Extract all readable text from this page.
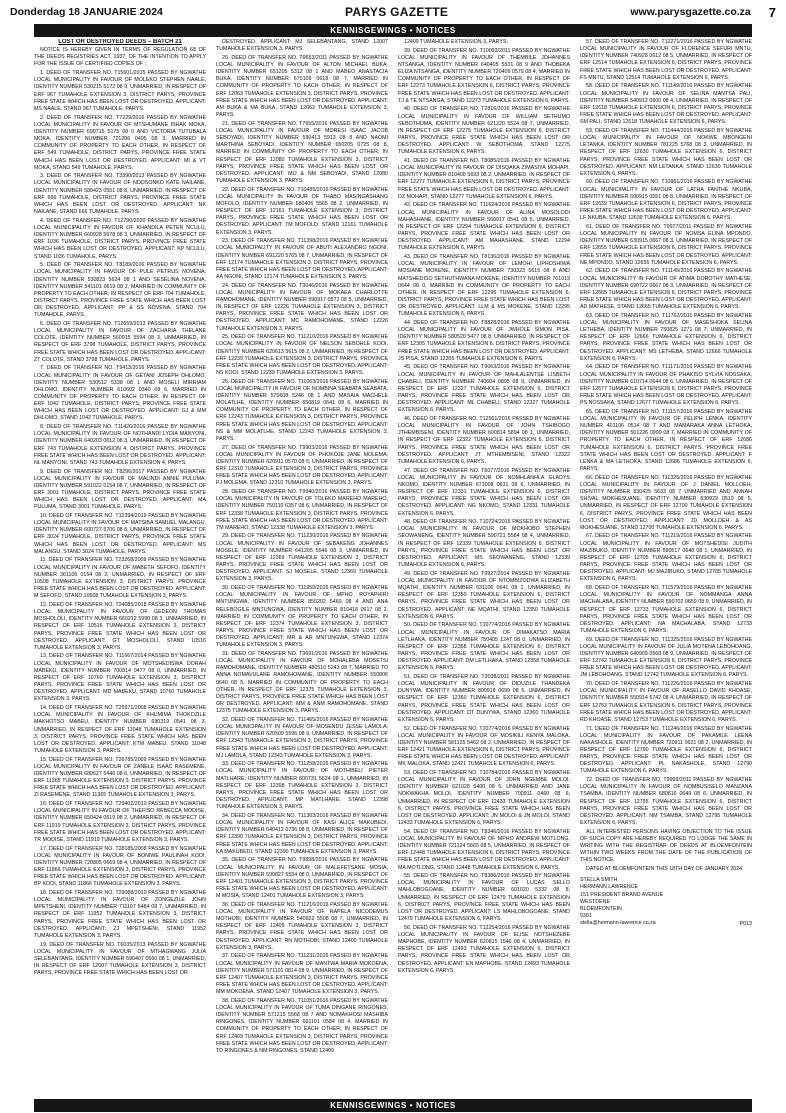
Donderdag 18 JANUARIE 2024	PARYS GAZETTE	www.parysgazette.co.za 7
KENNISGEWINGS • NOTICES
LOST OR DESTROYED DEEDS – BATCH 21

NOTICE IS HEREBY GIVEN IN TERMS OF REGULATION 68 OF THE DEEDS REGISTRIES ACT, 1937, OF THE INTENTION TO APPLY FOR THE ISSUE OF CERTIFIED COPIES OF :

1. DEED OF TRANSFER NO. T15601/2015 PASSED BY NGWATHE LOCAL MUNICIPALITY IN FAVOUR OF MOLEKO STEPHEN NAALE, IDENTITY NUMBER 530215 5172 08 9, UNMARRIED, IN RESPECT OF ERF 967 TUMAHOLE EXTENSION 3, DISTRICT PARYS, PROVINCE FREE STATE WHICH HAS BEEN LOST OR DESTROYED. APPLICANT: MS NAALE, STAND 967 TUMAHOLE, PARYS.

2. DEED OF TRANSFER NO. T7229/2016 PASSED BY NGWATHE LOCAL MUNICIPALITY IN FAVOUR OF MTSHUMANE ISHAK MOKA, IDENTITY NUMBER 690715 5175 08 0 AND VICTORIA TUTUBALA MOKA, IDENTITY NUMBER 721206 0495 08 3, MARRIED IN COMMUNITY OF PROPERTY TO EACH OTHER, IN RESPECT OF ERF 549 TUMAHOLE, DISTRICT PARYS, PROVINCE FREE STATE WHICH HAS BEEN LOST OR DESTROYED. APPLICANT: MI & VT MOKA, STAND 549 TUMAHOLE, PARYS.

3. DEED OF TRANSFER NO. T3390/2013 PASSED BY NGWATHE LOCAL MUNICIPALITY IN FAVOUR OF NDOSONKO KATE NAILANE, IDENTITY NUMBER 580423 0551 08 8, UNMARRIED, IN RESPECT OF ERF 666 TUMAHOLE, DISTRICT PARYS, PROVINCE FREE STATE WHICH HAS BEEN LOST OR DESTROYED. APPLICANT: NK NAILANE, STAND 666 TUMAHOLE, PARYS.

4. DEED OF TRANSFER NO. T12790/2020 PASSED BY NGWATHE LOCAL MUNICIPALITY IN FAVOUR OF KHANDILA PETER NCULU, IDENTITY NUMBER 660928 5678 08 3, UNMARRIED, IN RESPECT OF ERF 1036 TUMAHOLE, DISTRICT PARYS, PROVINCE FREE STATE WHICH HAS BEEN LOST OR DESTROYED. APPLICANT: KP NCULU, STAND 1036 TUMAHOLE, PARYS.

5. DEED OF TRANSFER NO. T8189/2016 PASSED BY NGWATHE LOCAL MUNICIPALITY IN FAVOUR OF PULE PETRUS NOVENA, IDENTITY NUMBER 530823 5624 08 1 AND SESELINA NOVENA, IDENTITY NUMBER 541101 0619 08 2, MARRIED IN COMMUNITY OF PROPERTY TO EACH OTHER, IN RESPECT OF ERF 704 TUMAHOLE, DISTRICT PARYS, PROVINCE FREE STATE WHICH HAS BEEN LOST OR DESTROYED. APPLICANT: PP & SS NOVENA, STAND 704 TUMAHOLE, PARYS.

6. DEED OF TRANSFER NO. T12659/2013 PASSED BY NGWATHE LOCAL MUNICIPALITY IN FAVOUR OF ZACHARIA THELANE COLOTE, IDENTITY NUMBER 560915 5594 08 3, UNMARRIED, IN RESPECT OF ERF 3798 TUMAHOLE, DISTRICT PARYS, PROVINCE FREE STATE WHICH HAS BEEN LOST OR DESTROYED. APPLICANT: ZT COLOTE, STAND 3798 TUMAHOLE, PARYS.

7. DEED OF TRANSFER NO. T9413/2016 PASSED BY NGWATHE LOCAL MUNICIPALITY IN FAVOUR OF GETANI JOSEPH DHLOMO, IDENTITY NUMBER 530512 5338 08 1 AND MOSELI MIRRIAM DHLOMO, IDENTITY NUMBER 610602 0340 08 6, MARRIED IN COMMUNITY OF PROPERTY TO EACH OTHER, IN RESPECT OF ERF 1042 TUMAHOLE, DISTRICT PARYS, PROVINCE FREE STATE WHICH HAS BEEN LOST OR DESTROYED. APPLICANT: GJ & MM DHLOMO, STAND 1042 TUMAHOLE, PARYS.

8. DEED OF TRANSFER NO. T11426/2016 PASSED BY NGWATHE LOCAL MUNICIPALITY IN FAVOUR OF NOTHANDI LYDIA MANYONI, IDENTITY NUMBER 640203 0612 08 3, UNMARRIED, IN RESPECT OF ERF 743 TUMAHOLE EXTENSION 4, DISTRICT PARYS, PROVINCE FREE STATE WHICH HAS BEEN LOST OR DESTROYED. APPLICANT: NL MANYONI, STAND 743 TUMAHOLE EXTENSION 4, PARYS.

9. DEED OF TRANSFER NO. T8296/2017 PASSED BY NGWATHE LOCAL MUNICIPALITY IN FAVOUR OF MALINDI ANNIE PULUMA, IDENTITY NUMBER 591022 0154 08 7, UNMARRIED, IN RESPECT OF ERF 3001 TUMAHOLE, DISTRICT PARYS, PROVINCE FREE STATE WHICH HAS BEEN LOST OR DESTROYED. APPLICANT: MA PULUMA, STAND 3001 TUMAHOLE, PARYS.

10. DEED OF TRANSFER NO. T12394/2019 PASSED BY NGWATHE LOCAL MUNICIPALITY IN FAVOUR OF MATSIBA SAMUEL MALANGU, IDENTITY NUMBER 600727 5706 08 8, UNMARRIED, IN RESPECT OF ERF 3024 TUMAHOLE, DISTRICT PARYS, PROVINCE FREE STATE WHICH HAS BEEN LOST OR DESTROYED. APPLICANT: MS MALANGU, STAND 3024 TUMAHOLE, PARYS.

11. DEED OF TRANSFER NO. T23268/2009 PASSED BY NGWATHE LOCAL MUNICIPALITY IN FAVOUR OF MABETH SEFOFO, IDENTITY NUMBER 361106 0154 08 2, UNMARRIED, IN RESPECT OF ERF 10508 TUMAHOLE EXTENSION 3, DISTRICT PARYS, PROVINCE FREE STATE WHICH HAS BEEN LOST OR DESTROYED. APPLICANT: M SEFOFO, STAND 10508 TUMAHOLE EXTENSION 3, PARYS.

12. DEED OF TRANSFER NO. T24085/2018 PASSED BY NGWATHE LOCAL MUNICIPALITY IN FAVOUR OF GEDEON THOMAS MOSHOLOLI, IDENTITY NUMBER 660212 5990 08 3, UNMARRIED, IN RESPECT OF ERF 10516 TUMAHOLE EXTENSION 3, DISTRICT PARYS, PROVINCE FREE STATE WHICH HAS BEEN LOST OR DESTROYED. APPLICANT: GT MOSHOLOLI, STAND 10516 TUMAHOLE EXTENSION 3, PARYS.

13. DEED OF TRANSFER NO. T11667/2014 PASSED BY NGWATHE LOCAL MUNICIPALITY IN FAVOUR OF MOTSHEDISWA DORAH MABEKU, IDENTITY NUMBER 700814 0477 08 0, UNMARRIED, IN RESPECT OF ERF 10760 TUMAHOLE EXTENSION 3, DISTRICT PARYS, PROVINCE FREE STATE WHICH HAS BEEN LOST OR DESTROYED. APPLICANT: MD MABEKU, STAND 10760 TUMAHOLE EXTENSION 3, PARYS.

14. DEED OF TRANSFER NO. T25971/2008 PASSED BY NGWATHE LOCAL MUNICIPALITY IN FAVOUR OF KHUMIMA THOKOZILE MAKHOTSO MABEU, IDENTITY NUMBER 690319 0541 08 3, UNMARRIED, IN RESPECT OF ERF 11048 TUMAHOLE EXTENSION 3, DISTRICT PARYS, PROVINCE FREE STATE WHICH HAS BEEN LOST OR DESTROYED. APPLICANT: KTM MABEU, STAND 11048 TUMAHOLE EXTENSION 3, PARYS.

15. DEED OF TRANSFER NO. T26785/2009 PASSED BY NGWATHE LOCAL MUNICIPALITY IN FAVOUR OF ZANELE ISAAC RASEMENE, IDENTITY NUMBER 680627 5446 08 6, UNMARRIED, IN RESPECT OF ERF 11365 TUMAHOLE EXTENSION 3, DISTRICT PARYS, PROVINCE FREE STATE WHICH HAS BEEN LOST OR DESTROYED. APPLICANT: ZI RASEMENE, STAND 11365 TUMAHOLE EXTENSION 3, PARYS.

16. DEED OF TRANSFER NO. T29402/2010 PASSED BY NGWATHE LOCAL MUNICIPALITY IN FAVOUR OF THEFISO REBECCA MODISE, IDENTITY NUMBER 650424 0519 08 2, UNMARRIED, IN RESPECT OF ERF 11919 TUMAHOLE EXTENSION 3, DISTRICT PARYS, PROVINCE FREE STATE WHICH HAS BEEN LOST OR DESTROYED. APPLICANT: TR MODISE, STAND 11919 TUMAHOLE EXTENSION 3, PARYS.

17. DEED OF TRANSFER NO. T28185/2008 PASSED BY NGWATHE LOCAL MUNICIPALITY IN FAVOUR OF BONIWE PAULINAH KOOI, IDENTITY NUMBER 720805 0669 08 4, UNMARRIED, IN RESPECT OF ERF 11866 TUMAHOLE EXTENSION 3, DISTRICT PARYS, PROVINCE FREE STATE WHICH HAS BEEN LOST OR DESTROYED. APPLICANT: BP KOOI, STAND 11866 TUMAHOLE EXTENSION 3, PARYS.

18. DEED OF TRANSFER NO. T29088/2010 PASSED BY NGWATHE LOCAL MUNICIPALITY IN FAVOUR OF ZONGEZILE JOHN MPETSHENI, IDENTITY NUMBER 711107 5484 08 7, UNMARRIED, IN RESPECT OF ERF 11952 TUMAHOLE EXTENSION 3, DISTRICT PARYS, PROVINCE FREE STATE WHICH HAS BEEN LOST OR DESTROYED. APPLICANT: ZJ MPETSHENI, STAND 11952 TUMAHOLE EXTENSION 3, PARYS.

19. DEED OF TRANSFER NO. T6035/2013 PASSED BY NGWATHE LOCAL MUNICIPALITY IN FAVOUR OF MTHAGWANG JULIA SELEBANTANG, IDENTITY NUMBER 590407 0560 08 1, UNMARRIED, IN RESPECT OF ERF 12007 TUMAHOLE EXTENSION 3, DISTRICT PARYS, PROVINCE FREE STATE WHICH HAS BEEN LOST OR

DESTROYED. APPLICANT: MJ SELEBANTANG, STAND 12007 TUMAHOLE EXTENSION 3, PARYS.

20. DEED OF TRANSFER NO. T9653/2011 PASSED BY NGWATHE LOCAL MUNICIPALITY IN FAVOUR OF ALTON MICHAEL BUKA, IDENTITY NUMBER 651205 5312 08 1 AND MABEO ANASTACIA BUKA, IDENTITY NUMBER 670109 0618 08 7, MARRIED IN COMMUNITY OF PROPERTY TO EACH OTHER, IN RESPECT OF ERF 12063 TUMAHOLE EXTENSION 3, DISTRICT PARYS, PROVINCE FREE STATE WHICH HAS BEEN LOST OR DESTROYED. APPLICANT: AM BUKA & MA BUKA, STAND 12063 TUMAHOLE EXTENSION 3, PARYS.

21. DEED OF TRANSFER NO. T7655/2016 PASSED BY NGWATHE LOCAL MUNICIPALITY IN FAVOUR OF MORESI ISAAC JACOB SEBOYADI, IDENTITY NUMBER 590413 5913 08 8 AND NAOMI MARTHINA SEBOYADI, IDENTITY NUMBER 650205 0725 08 8, MARRIED IN COMMUNITY OF PROPERTY TO EACH OTHER, IN RESPECT OF ERF 12080 TUMAHOLE EXTENSION 3, DISTRICT PARYS, PROVINCE FREE STATE WHICH HAS BEEN LOST OR DESTROYED. APPLICANT: MIJ & NM SEBOYADI, STAND 12080 TUMAHOLE EXTENSION 3, PARYS.

22. DEED OF TRANSFER NO. T10485/2016 PASSED BY NGWATHE LOCAL MUNICIPALITY IN FAVOUR OF THABO MASINGASHANG MOFOLO, IDENTITY NUMBER 680406 5565 08 2, UNMARRIED, IN RESPECT OF ERF 12161 TUMAHOLE EXTENSION 3, DISTRICT PARYS, PROVINCE FREE STATE WHICH HAS BEEN LOST OR DESTROYED. APPLICANT: TM MOFOLO, STAND 12161 TUMAHOLE EXTENSION 3, PARYS.

23. DEED OF TRANSFER NO. T11398/2016 PASSED BY NGWATHE LOCAL MUNICIPALITY IN FAVOUR OF ABUTI ALEXANDRO NGONI, IDENTITY NUMBER 691220 5765 08 7, UNMARRIED, IN RESPECT OF ERF 12174 TUMAHOLE EXTENSION 3, DISTRICT PARYS, PROVINCE FREE STATE WHICH HAS BEEN LOST OR DESTROYED. APPLICANT: AA NGONI, STAND 12174 TUMAHOLE EXTENSION 3, PARYS.

24. DEED OF TRANSFER NO. T9046/2016 PASSED BY NGWATHE LOCAL MUNICIPALITY IN FAVOUR OF MOKAEA CHARLOTTE RAMOHOMANE, IDENTITY NUMBER 590917 0572 08 5, UNMARRIED, IN RESPECT OF ERF 12226 TUMAHOLE EXTENSION 3, DISTRICT PARYS, PROVINCE FREE STATE WHICH HAS BEEN LOST OR DESTROYED. APPLICANT: MC RAMOHOMANE, STAND 12226 TUMAHOLE EXTENSION 3, PARYS.

25. DEED OF TRANSFER NO. T11210/2016 PASSED BY NGWATHE LOCAL MUNICIPALITY IN FAVOUR OF NELSON SEBOHLE KOOI, IDENTITY NUMBER 620613 5615 08 2, UNMARRIED, IN RESPECT OF ERF 12239 TUMAHOLE EXTENSION 3, DISTRICT PARYS, PROVINCE FREE STATE WHICH HAS BEEN LOST OR DESTROYED. APPLICANT: NS KOOI, STAND 12239 TUMAHOLE EXTENSION 3, PARYS.

26. DEED OF TRANSFER NO. T11063/2016 PASSED BY NGWATHE LOCAL MUNICIPALITY IN FAVOUR OF NOMBINA SEABATA SEABATA, IDENTITY NUMBER 570608 5246 08 1 AND MASAIA MACHELE MOLATLHE, IDENTITY NUMBER 650819 0641 08 6, MARRIED IN COMMUNITY OF PROPERTY TO EACH OTHER, IN RESPECT OF ERF 12243 TUMAHOLE EXTENSION 3, DISTRICT PARYS, PROVINCE FREE STATE WHICH HAS BEEN LOST OR DESTROYED. APPLICANT: NS & MM MOLATLHE, STAND 12243 TUMAHOLE EXTENSION 3, PARYS.

27. DEED OF TRANSFER NO. T9903/2016 PASSED BY NGWATHE LOCAL MUNICIPALITY IN FAVOUR OF PHOKOJE JANE MOLEMA, IDENTITY NUMBER 620911 0570 08 5, UNMARRIED, IN RESPECT OF ERF 12310 TUMAHOLE EXTENSION 3, DISTRICT PARYS, PROVINCE FREE STATE WHICH HAS BEEN LOST OR DESTROYED. APPLICANT: PJ MOLEMA, STAND 12310 TUMAHOLE EXTENSION 3, PARYS.

28. DEED OF TRANSFER NO. T9940/2016 PASSED BY NGWATHE LOCAL MUNICIPALITY IN FAVOUR OF TOLEKO MAREHO MAREHO, IDENTITY NUMBER 750110 6357 08 6, UNMARRIED, IN RESPECT OF ERF 12338 TUMAHOLE EXTENSION 3, DISTRICT PARYS, PROVINCE FREE STATE WHICH HAS BEEN LOST OR DESTROYED. APPLICANT: TM MAREHO, STAND 12338 TUMAHOLE EXTENSION 3, PARYS.

29. DEED OF TRANSFER NO. T11230/2016 PASSED BY NGWATHE LOCAL MUNICIPALITY IN FAVOUR OF SEBAKENG JOHANNES MOSELE, IDENTITY NUMBER 641205 5546 08 3, UNMARRIED, IN RESPECT OF ERF 12369 TUMAHOLE EXTENSION 3, DISTRICT PARYS, PROVINCE FREE STATE WHICH HAS BEEN LOST OR DESTROYED. APPLICANT: SJ MOSELE, STAND 12369 TUMAHOLE EXTENSION 3, PARYS.

30. DEED OF TRANSFER NO. T11950/2016 PASSED BY NGWATHE LOCAL MUNICIPALITY IN FAVOUR OF MPHO ROYAPHIRI MNTUNGWA, IDENTITY NUMBER 850202 5460 08 4 AND ANA RELEBOGILE MNTUNGWA, IDENTITY NUMBER 810418 0617 08 2, MARRIED IN COMMUNITY OF PROPERTY TO EACH OTHER, IN RESPECT OF ERF 12374 TUMAHOLE EXTENSION 3, DISTRICT PARYS, PROVINCE FREE STATE WHICH HAS BEEN LOST OR DESTROYED. APPLICANT: MR & AR MNTUNGWA, STAND 12374 TUMAHOLE EXTENSION 3, PARYS.

31. DEED OF TRANSFER NO. T9691/2016 PASSED BY NGWATHE LOCAL MUNICIPALITY IN FAVOUR OF MOHALEBA MOSETSI RAMOHOMANE, IDENTITY NUMBER 480510 5243 08 7, MARRIED TO ANNA NOMAVULANE RAMOHOMANE, IDENTITY NUMBER 550806 0640 08 5, MARRIED IN COMMUNITY OF PROPERTY TO EACH OTHER, IN RESPECT OF ERF 12375 TUMAHOLE EXTENSION 3, DISTRICT PARYS, PROVINCE FREE STATE WHICH HAS BEEN LOST OR DESTROYED. APPLICANT: MM & ANM RAMOHOMANE, STAND 12375 TUMAHOLE EXTENSION 3, PARYS.

32. DEED OF TRANSFER NO. T11465/2016 PASSED BY NGWATHE LOCAL MUNICIPALITY IN FAVOUR OF MOSENDU JESSE LAMOLA, IDENTITY NUMBER 620509 5596 08 9, UNMARRIED, IN RESPECT OF ERF 12343 TUMAHOLE EXTENSION 3, DISTRICT PARYS, PROVINCE FREE STATE WHICH HAS BEEN LOST OR DESTROYED. APPLICANT: MJ LAMOLA, STAND 12343 TUMAHOLE EXTENSION 3, PARYS.

33. DEED OF TRANSFER NO. T11258/2016 PASSED BY NGWATHE LOCAL MUNICIPALITY IN FAVOUR OF MOTHIBELI PIETER MATLHARE, IDENTITY NUMBER 600731 5624 08 1, UNMARRIED, IN RESPECT OF ERF 12398 TUMAHOLE EXTENSION 3, DISTRICT PARYS, PROVINCE FREE STATE WHICH HAS BEEN LOST OR DESTROYED. APPLICANT: MP MATLHARE, STAND 12398 TUMAHOLE EXTENSION 3, PARYS.

34. DEED OF TRANSFER NO. T11363/2016 PASSED BY NGWATHE LOCAL MUNICIPALITY IN FAVOUR OF KASI ALICE MAKUBEDI, IDENTITY NUMBER 640412 0736 08 8, UNMARRIED, IN RESPECT OF ERF 12390 TUMAHOLE EXTENSION 3, DISTRICT PARYS, PROVINCE FREE STATE WHICH HAS BEEN LOST OR DESTROYED. APPLICANT: KA MAKUBEDI, STAND 12390 TUMAHOLE EXTENSION 3, PARYS.

35. DEED OF TRANSFER NO. T9898/2016 PASSED BY NGWATHE LOCAL MUNICIPALITY IN FAVOUR OF MALEFETSANE MOSIA, IDENTITY NUMBER 590827 5534 08 0, UNMARRIED, IN RESPECT OF ERF 12401 TUMAHOLE EXTENSION 3, DISTRICT PARYS, PROVINCE FREE STATE WHICH HAS BEEN LOST OR DESTROYED. APPLICANT: M MOSIA, STAND 12401 TUMAHOLE EXTENSION 3, PARYS.

36. DEED OF TRANSFER NO. T11216/2016 PASSED BY NGWATHE LOCAL MUNICIPALITY IN FAVOUR OF RAPELA NICODEMUS MOTHOBI, IDENTITY NUMBER 540922 5508 08 7, UNMARRIED, IN RESPECT OF ERF 12405 TUMAHOLE EXTENSION 3, DISTRICT PARYS, PROVINCE FREE STATE WHICH HAS BEEN LOST OR DESTROYED. APPLICANT: RN MOTHOBI, STAND 12405 TUMAHOLE EXTENSION 3, PARYS.

37. DEED OF TRANSFER NO. T11231/2016 PASSED BY NGWATHE LOCAL MUNICIPALITY IN FAVOUR OF MANTWA MARIA MOKOENA, IDENTITY NUMBER 571101 0814 08 9, UNMARRIED, IN RESPECT OF ERF 12407 TUMAHOLE EXTENSION 3, DISTRICT PARYS, PROVINCE FREE STATE WHICH HAS BEEN LOST OR DESTROYED. APPLICANT: MM MOKOENA, STAND 12407 TUMAHOLE EXTENSION 3, PARYS.

38. DEED OF TRANSFER NO. T11051/2016 PASSED BY NGWATHE LOCAL MUNICIPALITY IN FAVOUR OF TUMA DINGANE RINGONES, IDENTITY NUMBER 571215 5568 08 7 AND NOMAKHOSI MASHIBA RINGONES, IDENTITY NUMBER 661101 0584 08 4, MARRIED IN COMMUNITY OF PROPERTY TO EACH OTHER, IN RESPECT OF ERF 12409 TUMAHOLE EXTENSION 3, DISTRICT PARYS, PROVINCE FREE STATE WHICH HAS BEEN LOST OR DESTROYED. APPLICANT: TD RINGONES & NM RINGONES, STAND 12409

12409 TUMAHOLE EXTENSION 3, PARYS.

39. DEED OF TRANSFER NO. T10093/2011 PASSED BY NGWATHE LOCAL MUNICIPALITY IN FAVOUR OF THEMBILE JOHANNES NTSANGA, IDENTITY NUMBER 640405 5531 08 9 AND THOBEKA ELIZA NTSANGA, IDENTITY NUMBER 720409 0579 08 4, MARRIED IN COMMUNITY OF PROPERTY TO EACH OTHER, IN RESPECT OF ERF 12273 TUMAHOLE EXTENSION 6, DISTRICT PARYS, PROVINCE FREE STATE WHICH HAS BEEN LOST OR DESTROYED. APPLICANT: TJ & TE NTSANGA, STAND 12273 TUMAHOLE EXTENSION 6, PARYS.

40. DEED OF TRANSFER NO. T2816/2016 PASSED BY NGWATHE LOCAL MUNICIPALITY IN FAVOUR OF WILLIAM SETHUMO SEBOTHOMA, IDENTITY NUMBER 621220 5524 08 7, UNMARRIED, IN RESPECT OF ERF 12275 TUMAHOLE EXTENSION 6, DISTRICT PARYS, PROVINCE FREE STATE WHICH HAS BEEN LOST OR DESTROYED. APPLICANT: W SEBOTHOMA, STAND 12275 TUMAHOLE EXTENSION 6, PARYS.

41. DEED OF TRANSFER NO. T8085/2016 PASSED BY NGWATHE LOCAL MUNICIPALITY IN FAVOUR OF DISQAKA ZIMASIYA MOHAPI, IDENTITY NUMBER 810408 5693 08 2, UNMARRIED, IN RESPECT OF ERF 12277 TUMAHOLE EXTENSION 6, DISTRICT PARYS, PROVINCE FREE STATE WHICH HAS BEEN LOST OR DESTROYED. APPLICANT: DZ MOHAPI, STAND 12277 TUMAHOLE EXTENSION 6, PARYS.

42. DEED OF TRANSFER NO. T11624/2016 PASSED BY NGWATHE LOCAL MUNICIPALITY IN FAVOUR OF ALINA MOSOLODI MAHASHANE, IDENTITY NUMBER 560917 0541 08 5, UNMARRIED, IN RESPECT OF ERF 12294 TUMAHOLE EXTENSION 6, DISTRICT PARYS, PROVINCE FREE STATE WHICH HAS BEEN LOST OR DESTROYED. APPLICANT: AM MAHASHANE, STAND 12294 TUMAHOLE EXTENSION 6, PARYS.

43. DEED OF TRANSFER NO. T8136/2016 PASSED BY NGWATHE LOCAL MUNICIPALITY IN FAVOUR OF LEMOHI LIPHOSHIWA MOSIANE MOKENE, IDENTITY NUMBER 730323 5615 08 8 AND MATSHEDISO SETHUTHWANA MOKENE, IDENTITY NUMBER 761019 0644 08 0, MARRIED IN COMMUNITY OF PROPERTY TO EACH OTHER, IN RESPECT OF ERF 12295 TUMAHOLE EXTENSION 6, DISTRICT PARYS, PROVINCE FREE STATE WHICH HAS BEEN LOST OR DESTROYED. APPLICANT: LLM & MS MOKENE, STAND 12295 TUMAHOLE EXTENSION 6, PARYS.

44. DEED OF TRANSFER NO. T8828/2016 PASSED BY NGWATHE LOCAL MUNICIPALITY IN FAVOUR OF JWHOLE SIMON PISA, IDENTITY NUMBER 580520 5477 08 8, UNMARRIED, IN RESPECT OF ERF 12305 TUMAHOLE EXTENSION 6, DISTRICT PARYS, PROVINCE FREE STATE WHICH HAS BEEN LOST OR DESTROYED. APPLICANT: JS PISA, STAND 12305 TUMAHOLE EXTENSION 6, PARYS.

45. DEED OF TRANSFER NO. T9063/2016 PASSED BY NGWATHE LOCAL MUNICIPALITY IN FAVOUR OF MAHLALENTSE LISBETH CHABELI, IDENTITY NUMBER 740604 0895 08 9, UNMARRIED, IN RESPECT OF ERF 12327 TUMAHOLE EXTENSION 6, DISTRICT PARYS, PROVINCE FREE STATE WHICH HAS BEEN LOST OR DESTROYED. APPLICANT: ML CHABELI, STAND 12327 TUMAHOLE EXTENSION 6, PARYS.

46. DEED OF TRANSFER NO. T12561/2016 PASSED BY NGWATHE LOCAL MUNICIPALITY IN FAVOUR OF JOHN TSHIBOGO JTHEMBISENI, IDENTITY NUMBER 600814 5894 08 1, UNMARRIED, IN RESPECT OF ERF 12322 TUMAHOLE EXTENSION 6, DISTRICT PARYS, PROVINCE FREE STATE WHICH HAS BEEN LOST OR DESTROYED. APPLICANT: JT MTHEMBISENI, STAND 12322 TUMAHOLE EXTENSION 6, PARYS.

47. DEED OF TRANSFER NO. T6077/2016 PASSED BY NGWATHE LOCAL MUNICIPALITY IN FAVOUR OF NOMHLANHLA GLADYS NKOMO, IDENTITY NUMBER 671008 0631 08 6, UNMARRIED, IN RESPECT OF ERF 12331 TUMAHOLE EXTENSION 6, DISTRICT PARYS, PROVINCE FREE STATE WHICH HAS BEEN LOST OR DESTROYED. APPLICANT: NG NKOMO, STAND 12331 TUMAHOLE EXTENSION 6, PARYS.

48. DEED OF TRANSFER NO. T10724/2016 PASSED BY NGWATHE LOCAL MUNICIPALITY IN FAVOUR OF MOKHOBO STEPHEN SEOWANENG, IDENTITY NUMBER 590721 5584 08 4, UNMARRIED, IN RESPECT OF ERF 12339 TUMAHOLE EXTENSION 6, DISTRICT PARYS, PROVINCE FREE STATE WHICH HAS BEEN LOST OR DESTROYED. APPLICANT: MS SEOWANENG, STAND 12339 TUMAHOLE EXTENSION 6, PARYS.

49. DEED OF TRANSFER NO. T9927/2014 PASSED BY NGWATHE LOCAL MUNICIPALITY IN FAVOUR OF NTOMBIZODWA ELIZABETH MQATHI, IDENTITY NUMBER 631106 0641 08 1, UNMARRIED, IN RESPECT OF ERF 12350 TUMAHOLE EXTENSION 6, DISTRICT PARYS, PROVINCE FREE STATE WHICH HAS BEEN LOST OR DESTROYED. APPLICANT: NE MQATHI, STAND 12350 TUMAHOLE EXTENSION 6, PARYS.

50. DEED OF TRANSFER NO. T10774/2016 PASSED BY NGWATHE LOCAL MUNICIPALITY IN FAVOUR OF DIMAKATSO MARIA LETLHAKA, IDENTITY NUMBER 750405 1247 08 0, UNMARRIED, IN RESPECT OF ERF 12358 TUMAHOLE EXTENSION 6, DISTRICT PARYS, PROVINCE FREE STATE WHICH HAS BEEN LOST OR DESTROYED. APPLICANT: DM LETLHAKA, STAND 12358 TUMAHOLE EXTENSION 6, PARYS.

51. DEED OF TRANSFER NO. T3038/2011 PASSED BY NGWATHE LOCAL MUNICIPALITY IN FAVOUR OF DIDUZILE THANDEKA DUNYWA, IDENTITY NUMBER 800918 0699 08 5, UNMARRIED, IN RESPECT OF ERF 12360 TUMAHOLE EXTENSION 6, DISTRICT PARYS, PROVINCE FREE STATE WHICH HAS BEEN LOST OR DESTROYED. APPLICANT: DT DUNYWA, STAND 12360 TUMAHOLE EXTENSION 6, PARYS.

52. DEED OF TRANSFER NO. T10774/2016 PASSED BY NGWATHE LOCAL MUNICIPALITY IN FAVOUR OF MOSIKILI KENYA MALOKA, IDENTITY NUMBER 581125 5462 08 2, UNMARRIED, IN RESPECT OF ERF 12421 TUMAHOLE EXTENSION 6, DISTRICT PARYS, PROVINCE FREE STATE WHICH HAS BEEN LOST OR DESTROYED. APPLICANT: MK MALOKA, STAND 12421 TUMAHOLE EXTENSION 6, PARYS.

53. DEED OF TRANSFER NO. T10784/2016 PASSED BY NGWATHE LOCAL MUNICIPALITY IN FAVOUR OF JOHN NGEMBE MOLOI, IDENTITY NUMBER 621028 5400 08 5, UNMARRIED AND JANE NOKWAKHA MOLOI, IDENTITY NUMBER 700911 0460 08 6, UNMARRIED, IN RESPECT OF ERF 12433 TUMAHOLE EXTENSION 6, DISTRICT PARYS, PROVINCE FREE STATE WHICH HAS BEEN LOST OR DESTROYED. APPLICANT: JN MOLOI & JN MOLOI, STAND 12433 TUMAHOLE EXTENSION 6, PARYS.

54. DEED OF TRANSFER NO. T8346/2016 PASSED BY NGWATHE LOCAL MUNICIPALITY IN FAVOUR OF MPHO ANDREW MOTLONG, IDENTITY NUMBER 721124 5665 08 5, UNMARRIED, IN RESPECT OF ERF 12448 TUMAHOLE EXTENSION 6, DISTRICT PARYS, PROVINCE FREE STATE WHICH HAS BEEN LOST OR DESTROYED. APPLICANT: MA MOTLONG, STAND 12448 TUMAHOLE EXTENSION 6, PARYS.

55. DEED OF TRANSFER NO. T8386/2016 PASSED BY NGWATHE LOCAL MUNICIPALITY IN FAVOUR OF LUCAS SELLO MAHLOBOGOANE, IDENTITY NUMBER 601020 5332 08 8, UNMARRIED, IN RESPECT OF ERF 12479 TUMAHOLE EXTENSION 6, DISTRICT PARYS, PROVINCE FREE STATE WHICH HAS BEEN LOST OR DESTROYED. APPLICANT: LS MAHLOBOGOANE, STAND 12479 TUMAHOLE EXTENSION 6, PARYS.

56. DEED OF TRANSFER NO. T12254/2016 PASSED BY NGWATHE LOCAL MUNICIPALITY IN FAVOUR OF ELISE NOTSHEZEBE MAPHOBE, IDENTITY NUMBER 620815 1546 08 4, UNMARRIED, IN RESPECT OF ERF 12493 TUMAHOLE EXTENSION 6, DISTRICT PARYS, PROVINCE FREE STATE WHICH HAS BEEN LOST OR DESTROYED. APPLICANT: EN MAPHOBE, STAND 12493 TUMAHOLE EXTENSION 6, PARYS.

57. DEED OF TRANSFER NO. T12271/2016 PASSED BY NGWATHE LOCAL MUNICIPALITY IN FAVOUR OF FLORENCE SEFURI MNTU, IDENTITY NUMBER 740928 0612 08 5, UNMARRIED, IN RESPECT OF ERF 12514 TUMAHOLE EXTENSION 6, DISTRICT PARYS, PROVINCE FREE STATE WHICH HAS BEEN LOST OR DESTROYED. APPLICANT: FS MNTU, STAND 12514 TUMAHOLE EXTENSION 6, PARYS.

58. DEED OF TRANSFER NO. T11149/2016 PASSED BY NGWATHE LOCAL MUNICIPALITY IN FAVOUR OF SELINA MANTSA PALI, IDENTITY NUMBER 540912 0600 08 4, UNMARRIED, IN RESPECT OF ERF 12618 TUMAHOLE EXTENSION 6, DISTRICT PARYS, PROVINCE FREE STATE WHICH HAS BEEN LOST OR DESTROYED. APPLICANT: SM PALI, STAND 12618 TUMAHOLE EXTENSION 6, PARYS.

59. DEED OF TRANSFER NO. T11444/2016 PASSED BY NGWATHE LOCAL MUNICIPALITY IN FAVOUR OF NOKWE MBONGENI LETANKA, IDENTITY NUMBER 781225 5768 08 3, UNMARRIED, IN RESPECT OF ERF 12630 TUMAHOLE EXTENSION 6, DISTRICT PARYS, PROVINCE FREE STATE WHICH HAS BEEN LOST OR DESTROYED. APPLICANT: NM LETANKA, STAND 12630 TUMAHOLE EXTENSION 6, PARYS.

60. DEED OF TRANSFER NO. T10961/2016 PASSED BY NGWATHE LOCAL MUNICIPALITY IN FAVOUR OF LATHA FANTHE NKUBA, IDENTITY NUMBER 690915 0551 08 8, UNMARRIED, IN RESPECT OF ERF 12639 TUMAHOLE EXTENSION 6, DISTRICT PARYS, PROVINCE FREE STATE WHICH HAS BEEN LOST OR DESTROYED. APPLICANT: LF NKUBA, STAND 12639 TUMAHOLE EXTENSION 6, PARYS.

61. DEED OF TRANSFER NO. T9977/2011 PASSED BY NGWATHE LOCAL MUNICIPALITY IN FAVOUR OF NOMSA ELINA MPONDO, IDENTITY NUMBER 630915 0667 08 3, UNMARRIED, IN RESPECT OF ERF 12655 TUMAHOLE EXTENSION 6, DISTRICT PARYS, PROVINCE FREE STATE WHICH HAS BEEN LOST OR DESTROYED. APPLICANT: NE MPONDO, STAND 12655 TUMAHOLE EXTENSION 6, PARYS.

62. DEED OF TRANSFER NO. T11145/2016 PASSED BY NGWATHE LOCAL MUNICIPALITY IN FAVOUR OF ATIMA DOROTHY MATHESE, IDENTITY NUMBER 690722 0667 08 3, UNMARRIED, IN RESPECT OF ERF 12665 TUMAHOLE EXTENSION 6, DISTRICT PARYS, PROVINCE FREE STATE WHICH HAS BEEN LOST OR DESTROYED. APPLICANT: AD MATHESE, STAND 12665 TUMAHOLE EXTENSION 6, PARYS.

63. DEED OF TRANSFER NO. T11762/2011 PASSED BY NGWATHE LOCAL MUNICIPALITY IN FAVOUR OF MASESHOKA SELINA LETHEBA, IDENTITY NUMBER 750825 1271 08 7, UNMARRIED, IN RESPECT OF ERF 12666 TUMAHOLE EXTENSION 6, DISTRICT PARYS, PROVINCE FREE STATE WHICH HAS BEEN LOST OR DESTROYED. APPLICANT: MS LETHEBA, STAND 12666 TUMAHOLE EXTENSION 6, PARYS.

64. DEED OF TRANSFER NO. T11171/2016 PASSED BY NGWATHE LOCAL MUNICIPALITY IN FAVOUR OF PHAKISO SYLVIA NOSSAKA, IDENTITY NUMBER 610714 0644 08 6, UNMARRIED, IN RESPECT OF ERF 12677 TUMAHOLE EXTENSION 6, DISTRICT PARYS, PROVINCE FREE STATE WHICH HAS BEEN LOST OR DESTROYED. APPLICANT: PS NOSSAKA, STAND 12677 TUMAHOLE EXTENSION 6, PARYS.

65. DEED OF TRANSFER NO. T11157/2016 PASSED BY NGWATHE LOCAL MUNICIPALITY IN FAVOUR OF FELIPH LENKA, IDENTITY NUMBER 401106 0514 08 7 AND MAMARAKA ANNA LETHOKA, IDENTITY NUMBER 501226 0999 08 7, MARRIED IN COMMUNITY OF PROPERTY TO EACH OTHER, IN RESPECT OF ERF 12686 TUMAHOLE EXTENSION 6, DISTRICT PARYS, PROVINCE FREE STATE WHICH HAS BEEN LOST OR DESTROYED. APPLICANT: F LENKA & MA LETHOKA, STAND 12686 TUMAHOLE EXTENSION 6, PARYS.

66. DEED OF TRANSFER NO. T11325/2016 PASSED BY NGWATHE LOCAL MUNICIPALITY IN FAVOUR OF J DANIEL MOLLOEH, IDENTITY NUMBER 830425 5633 08 7 UNMARRIED AND ANNAH SHIVAL MOKHESUANE, IDENTITY NUMBER 830929 0519 08 5, UNMARRIED, IN RESPECT OF ERF 12700 TUMAHOLE EXTENSION 6, DISTRICT PARYS, PROVINCE FREE STATE WHICH HAS BEEN LOST OR DESTROYED. APPLICANT: JD MOLLOEH & AS MOKHESUANE, STAND 12700 TUMAHOLE EXTENSION 6, PARYS.

67. DEED OF TRANSFER NO. T11219/2016 PASSED BY NGWATHE LOCAL MUNICIPALITY IN FAVOUR OF MOTSHEDISI JUDITH MAZIBUKO, IDENTITY NUMBER 590517 0648 08 1, UNMARRIED, IN RESPECT OF ERF 12705 TUMAHOLE EXTENSION 6, DISTRICT PARYS, PROVINCE FREE STATE WHICH HAS BEEN LOST OR DESTROYED. APPLICANT: MJ MAZIBUKO, STAND 12705 TUMAHOLE EXTENSION 6, PARYS.

68. DEED OF TRANSFER NO. T11579/2016 PASSED BY NGWATHE LOCAL MUNICIPALITY IN FAVOUR OF NOMMANGA ANNA MACHALABA, IDENTITY NUMBER 590702 0659 08 9, UNMARRIED, IN RESPECT OF ERF 12733 TUMAHOLE EXTENSION 6, DISTRICT PARYS, PROVINCE FREE STATE WHICH HAS BEEN LOST OR DESTROYED. APPLICANT: NA MACHALABA, STAND 12733 TUMAHOLE EXTENSION 6, PARYS.

69. DEED OF TRANSFER NO. T11325/2016 PASSED BY NGWATHE LOCAL MUNICIPALITY IN FAVOUR OF JULIA MOTENA LEBOHOANG, IDENTITY NUMBER 640909 0568 08 9, UNMARRIED, IN RESPECT OF ERF 12742 TUMAHOLE EXTENSION 6, DISTRICT PARYS, PROVINCE FREE STATE WHICH HAS BEEN LOST OR DESTROYED. APPLICANT: JM LEBOHOANG, STAND 12742 TUMAHOLE EXTENSION 6, PARYS.

70. DEED OF TRANSFER NO. T11226/2016 PASSED BY NGWATHE LOCAL MUNICIPALITY IN FAVOUR OF RASELLO DAVID KHOASE, IDENTITY NUMBER 550914 5742 08 4, UNMARRIED, IN RESPECT OF ERF 12753 TUMAHOLE EXTENSION 6, DISTRICT PARYS, PROVINCE FREE STATE WHICH HAS BEEN LOST OR DESTROYED. APPLICANT: RD KHOASE, STAND 12753 TUMAHOLE EXTENSION 6, PARYS.

71. DEED OF TRANSFER NO. T11246/2016 PASSED BY NGWATHE LOCAL MUNICIPALITY IN FAVOUR OF PAKAMILE LEENA NAKASHOLE, IDENTITY NUMBER 720911 0621 08 2, UNMARRIED, IN RESPECT OF ERF 12790 TUMAHOLE EXTENSION 6, DISTRICT PARYS, PROVINCE FREE STATE WHICH HAS BEEN LOST OR DESTROYED. APPLICANT: PL NAKASHOLE, STAND 12790 TUMAHOLE EXTENSION 6, PARYS.

72. DEED OF TRANSFER NO. T9999/2011 PASSED BY NGWATHE LOCAL MUNICIPALITY IN FAVOUR OF NOMBUSISELO MANZANA TSAMBA, IDENTITY NUMBER 680816 0649 08 6, UNMARRIED, IN RESPECT OF ERF 12795 TUMAHOLE EXTENSION 6, DISTRICT PARYS, PROVINCE FREE STATE WHICH HAS BEEN LOST OR DESTROYED. APPLICANT: NM TSAMBA, STAND 12795 TUMAHOLE EXTENSION 6, PARYS.

ALL INTERESTED PERSONS HAVING OBJECTION TO THE ISSUE OF SUCH COPY ARE HEREBY REQUIRED TO LODGE THE SAME IN WRITING WITH THE REGISTRAR OF DEEDS AT BLOEMFONTEIN WITHIN TWO WEEKS FROM THE DATE OF THE PUBLICATION OF THIS NOTICE.

DATED AT BLOEMFONTEIN THIS 18TH DAY OF JANUARY 2024.

STELLA SMITH
HERMANN LAWRENCE
151 PRESIDENT BRAND AVENUE
WESTDENE
BLOEMFONTEIN
9301
stella@hermann-lawrence.co.za	P013
KENNISGEWINGS • NOTICES
